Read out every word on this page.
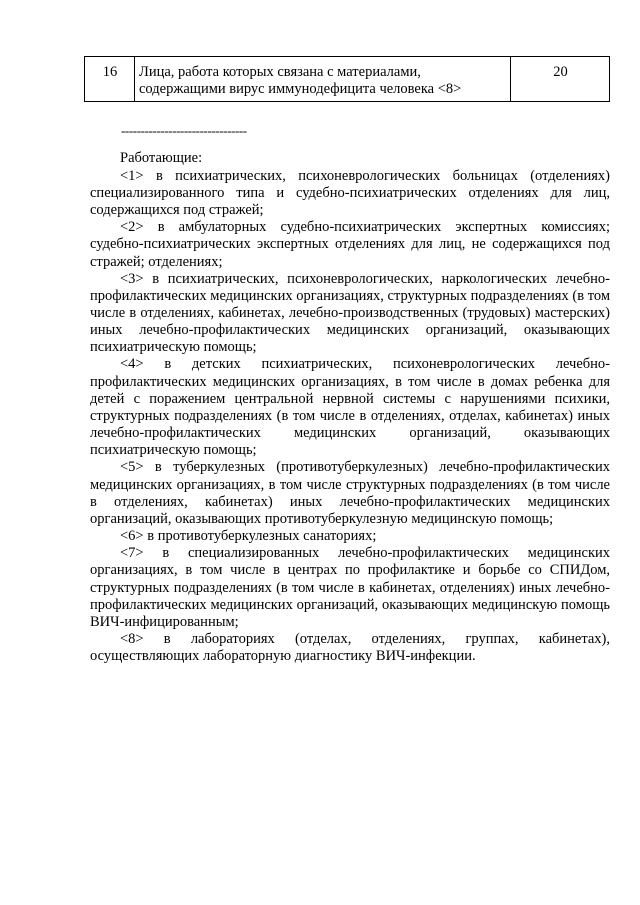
16	Лица, работа которых связана с материалами,
содержащими вирус иммунодефицита человека <8>	20
--------------------------------

Работающие:

<1> в психиатрических, психоневрологических больницах (отделениях) специализированного типа и судебно-психиатрических отделениях для лиц, содержащихся под стражей;

<2> в амбулаторных судебно-психиатрических экспертных комиссиях; судебно-психиатрических экспертных отделениях для лиц, не содержащихся под стражей; отделениях;

<3> в психиатрических, психоневрологических, наркологических лечебно-профилактических медицинских организациях, структурных подразделениях (в том числе в отделениях, кабинетах, лечебно-производственных (трудовых) мастерских) иных лечебно-профилактических медицинских организаций, оказывающих психиатрическую помощь;

<4> в детских психиатрических, психоневрологических лечебно-профилактических медицинских организациях, в том числе в домах ребенка для детей с поражением центральной нервной системы с нарушениями психики, структурных подразделениях (в том числе в отделениях, отделах, кабинетах) иных лечебно-профилактических медицинских организаций, оказывающих психиатрическую помощь;

<5> в туберкулезных (противотуберкулезных) лечебно-профилактических медицинских организациях, в том числе структурных подразделениях (в том числе в отделениях, кабинетах) иных лечебно-профилактических медицинских организаций, оказывающих противотуберкулезную медицинскую помощь;

<6> в противотуберкулезных санаториях;

<7> в специализированных лечебно-профилактических медицинских организациях, в том числе в центрах по профилактике и борьбе со СПИДом, структурных подразделениях (в том числе в кабинетах, отделениях) иных лечебно-профилактических медицинских организаций, оказывающих медицинскую помощь ВИЧ-инфицированным;

<8> в лабораториях (отделах, отделениях, группах, кабинетах), осуществляющих лабораторную диагностику ВИЧ-инфекции.
